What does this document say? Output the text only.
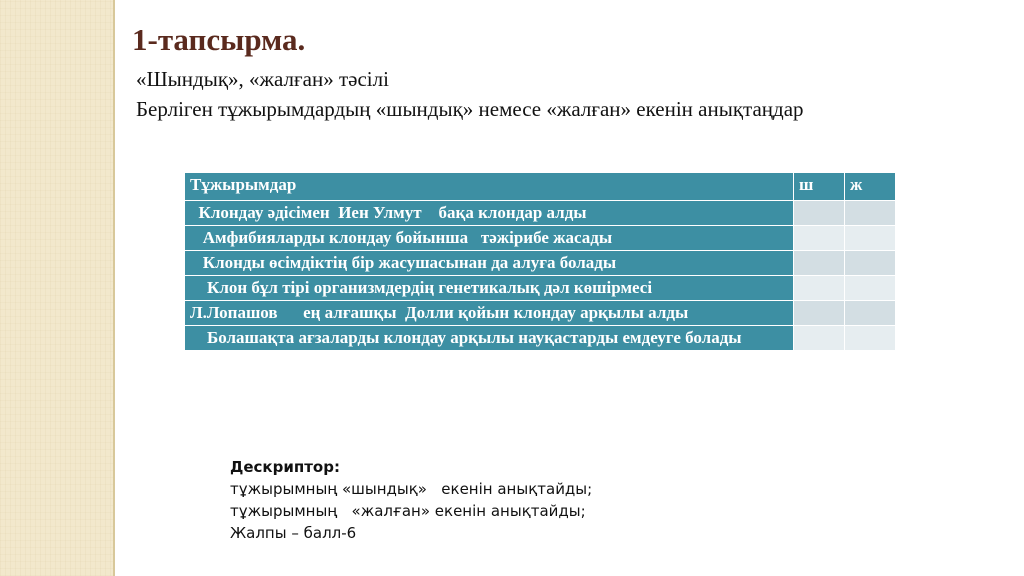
1-тапсырма.
«Шындық», «жалған» тәсілі
Берліген тұжырымдардың «шындық» немесе «жалған» екенін анықтаңдар
Тұжырымдар	ш	ж
Клондау әдісімен  Иен Улмут    бақа клондар алды		
Амфибияларды клондау бойынша   тәжірибе жасады		
Клонды өсімдіктің бір жасушасынан да алуға болады		
Клон бұл тірі организмдердің генетикалық дәл көшірмесі		
Л.Лопашов      ең алғашқы  Долли қойын клондау арқылы алды		
Болашақта ағзаларды клондау арқылы науқастарды емдеуге болады		
Дескриптор:
тұжырымның «шындық»   екенін анықтайды;
тұжырымның   «жалған» екенін анықтайды;
Жалпы – балл-6
